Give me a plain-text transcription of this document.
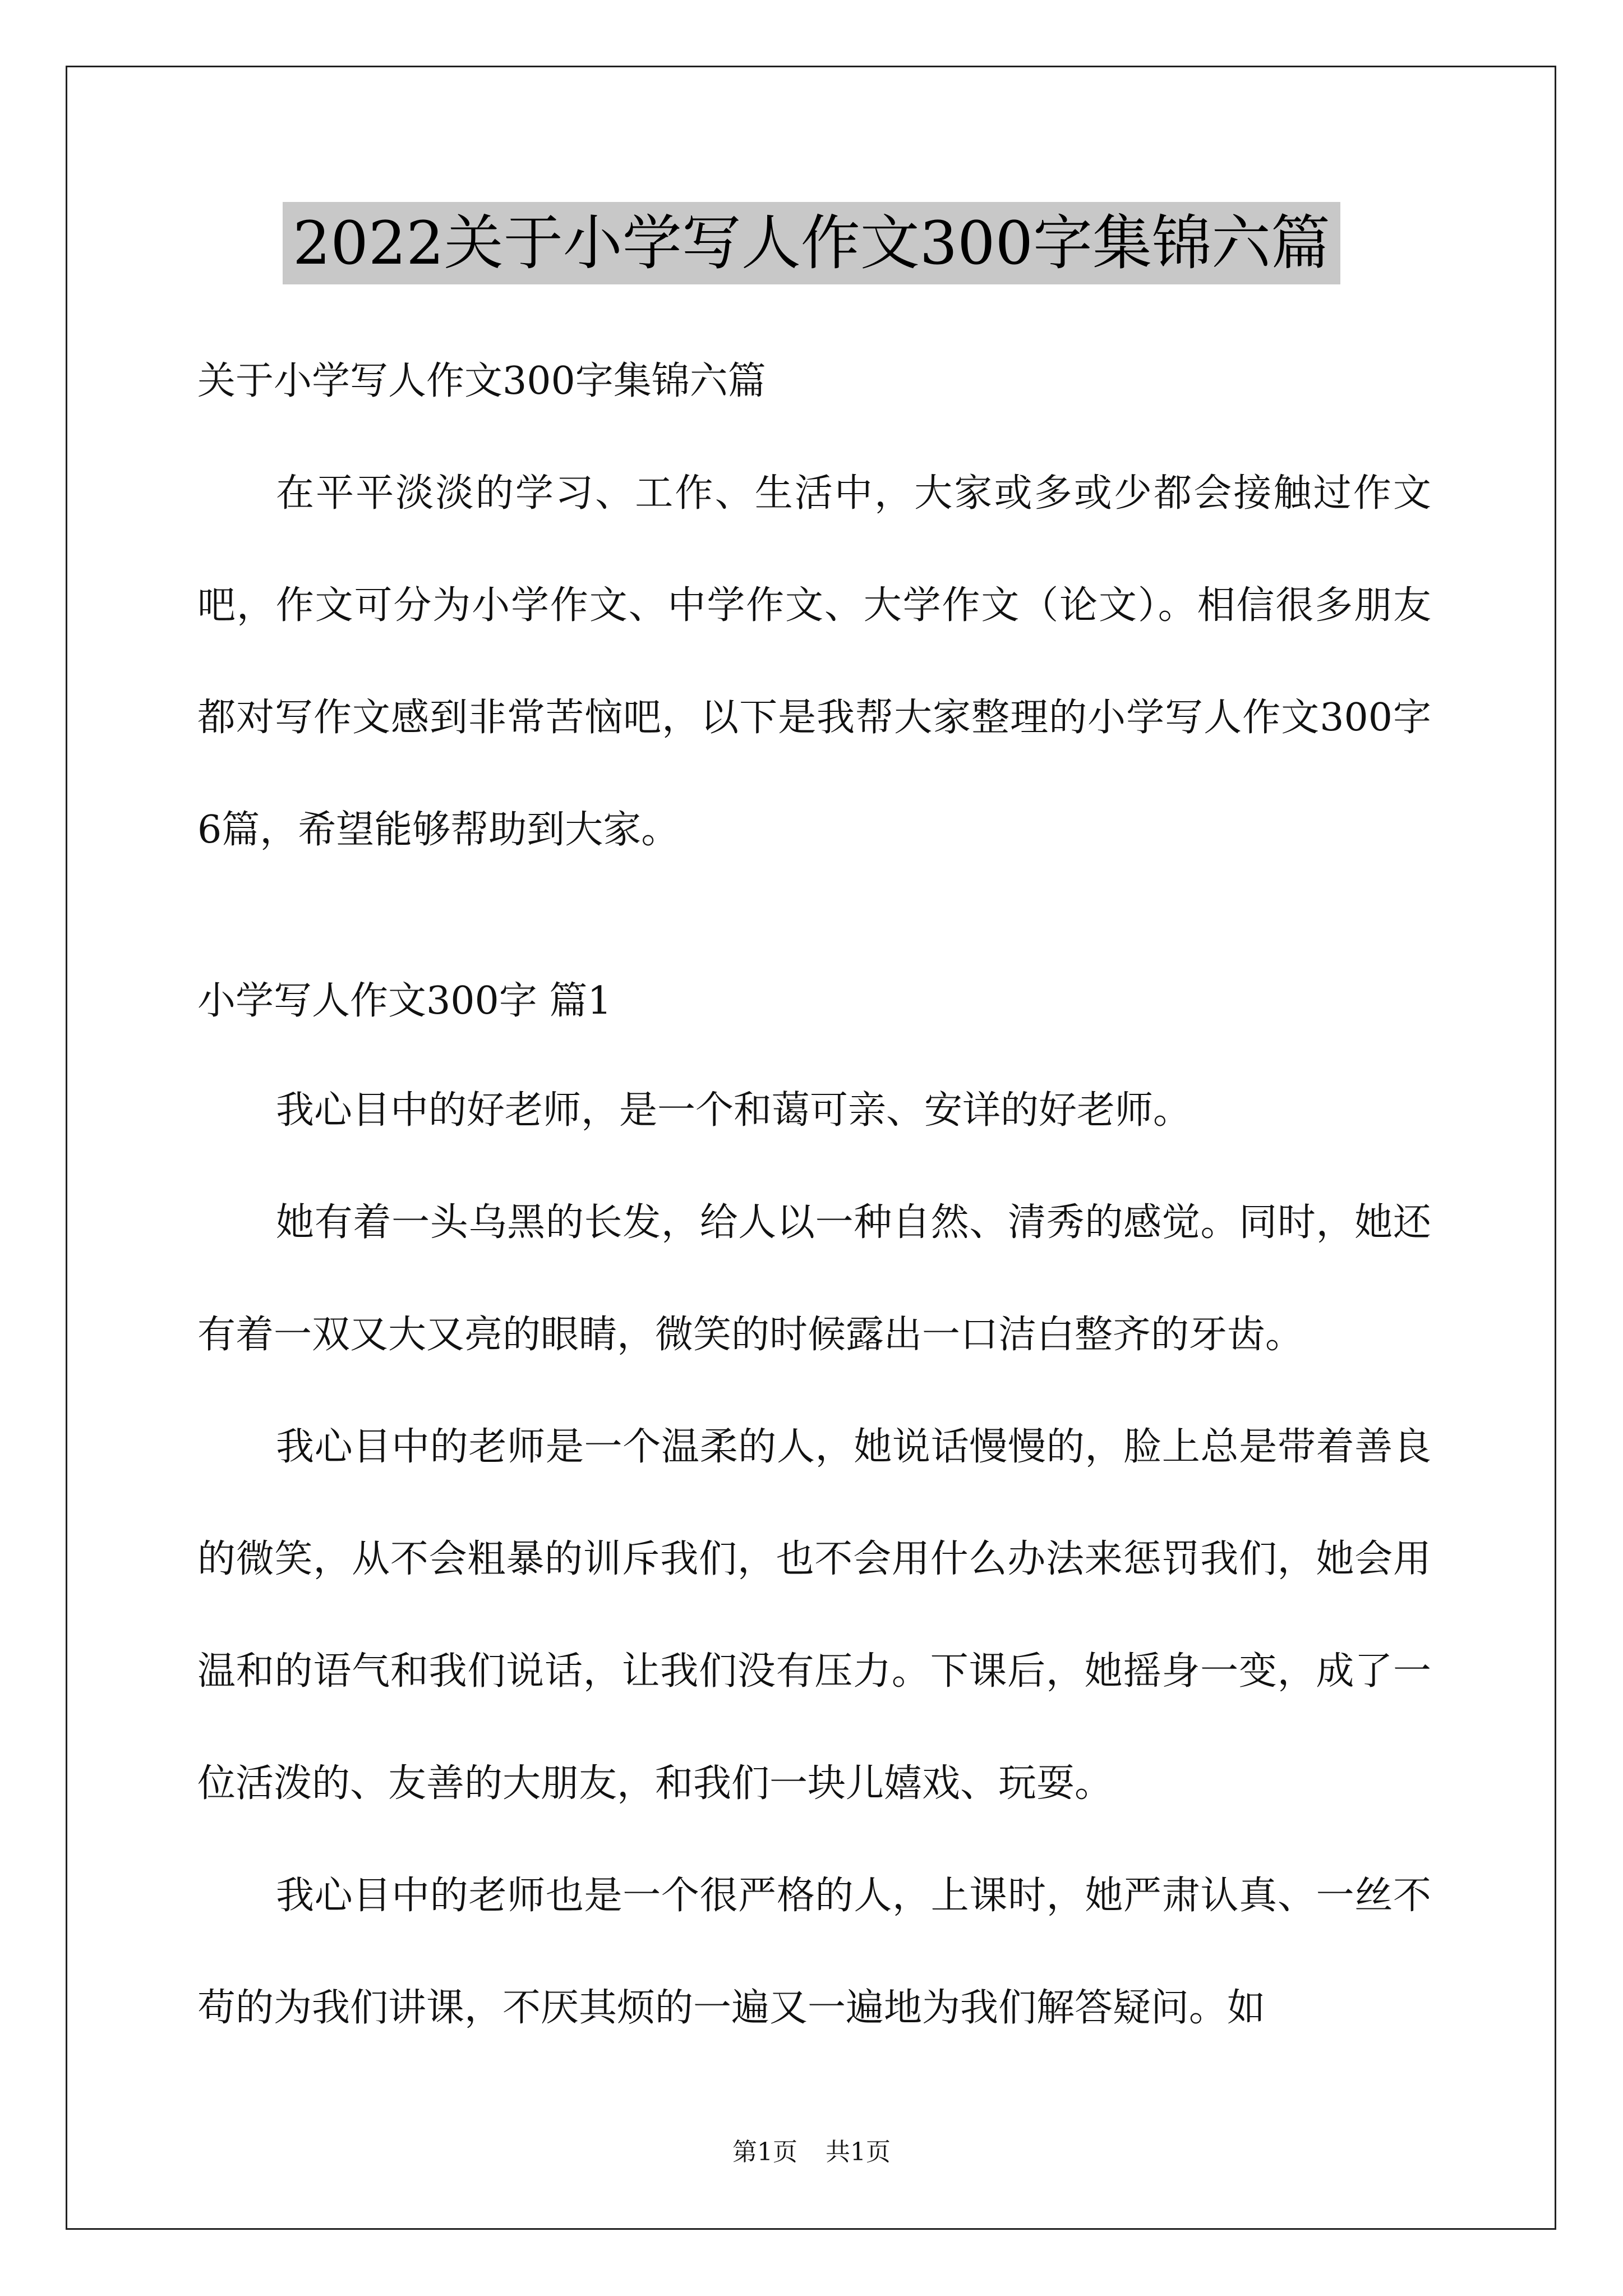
2022关于小学写人作文300字集锦六篇
关于小学写人作文300字集锦六篇
在平平淡淡的学习、工作、生活中，大家或多或少都会接触过作文吧，作文可分为小学作文、中学作文、大学作文（论文）。相信很多朋友都对写作文感到非常苦恼吧，以下是我帮大家整理的小学写人作文300字6篇，希望能够帮助到大家。
小学写人作文300字 篇1
我心目中的好老师，是一个和蔼可亲、安详的好老师。
她有着一头乌黑的长发，给人以一种自然、清秀的感觉。同时，她还有着一双又大又亮的眼睛，微笑的时候露出一口洁白整齐的牙齿。
我心目中的老师是一个温柔的人，她说话慢慢的，脸上总是带着善良的微笑，从不会粗暴的训斥我们，也不会用什么办法来惩罚我们，她会用温和的语气和我们说话，让我们没有压力。下课后，她摇身一变，成了一位活泼的、友善的大朋友，和我们一块儿嬉戏、玩耍。
我心目中的老师也是一个很严格的人，上课时，她严肃认真、一丝不苟的为我们讲课，不厌其烦的一遍又一遍地为我们解答疑问。如
第1页 共1页
